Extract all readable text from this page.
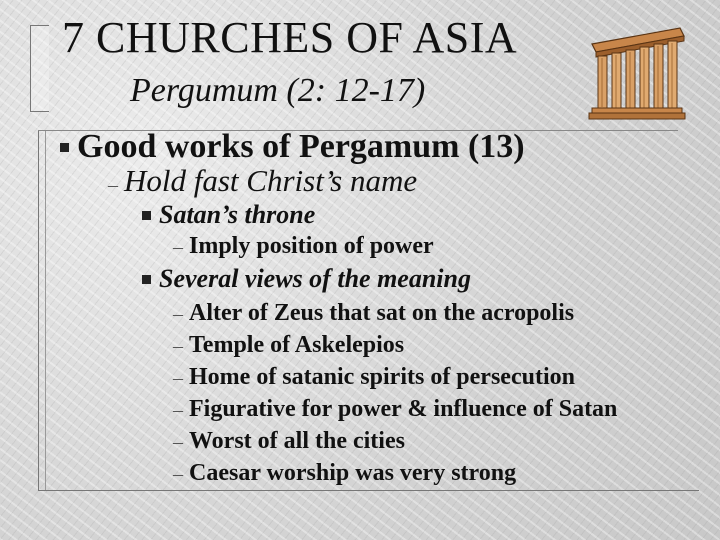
7 CHURCHES OF ASIA
Pergumum (2: 12-17)
Good works of Pergamum (13)
– Hold fast Christ’s name
Satan’s throne
– Imply position of power
Several views of the meaning
– Alter of Zeus that sat on the acropolis
– Temple of Askelepios
– Home of satanic spirits of persecution
– Figurative for power & influence of Satan
– Worst of all the cities
– Caesar worship was very strong
